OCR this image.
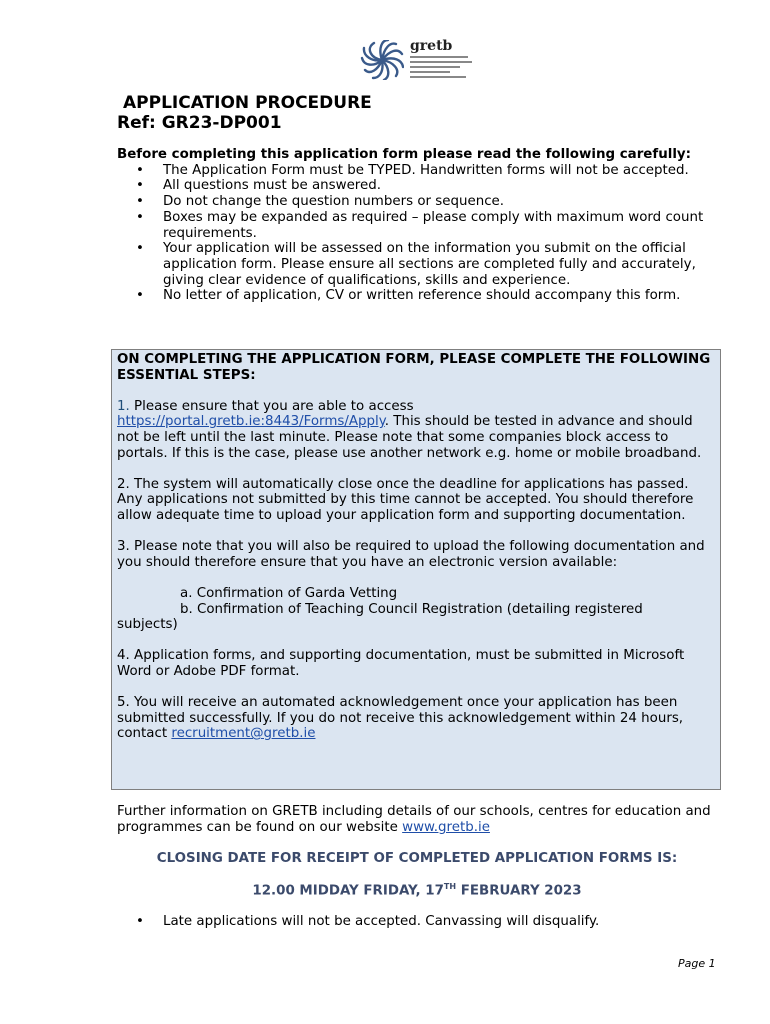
gretb
APPLICATION PROCEDURE
Ref: GR23-DP001
Before completing this application form please read the following carefully:
• The Application Form must be TYPED. Handwritten forms will not be accepted.
• All questions must be answered.
• Do not change the question numbers or sequence.
• Boxes may be expanded as required – please comply with maximum word count requirements.
• Your application will be assessed on the information you submit on the official application form. Please ensure all sections are completed fully and accurately, giving clear evidence of qualifications, skills and experience.
• No letter of application, CV or written reference should accompany this form.

ON COMPLETING THE APPLICATION FORM, PLEASE COMPLETE THE FOLLOWING ESSENTIAL STEPS:

1. Please ensure that you are able to access
https://portal.gretb.ie:8443/Forms/Apply. This should be tested in advance and should not be left until the last minute. Please note that some companies block access to portals. If this is the case, please use another network e.g. home or mobile broadband.

2. The system will automatically close once the deadline for applications has passed. Any applications not submitted by this time cannot be accepted. You should therefore allow adequate time to upload your application form and supporting documentation.

3. Please note that you will also be required to upload the following documentation and you should therefore ensure that you have an electronic version available:

a. Confirmation of Garda Vetting
b. Confirmation of Teaching Council Registration (detailing registered
subjects)

4. Application forms, and supporting documentation, must be submitted in Microsoft Word or Adobe PDF format.

5. You will receive an automated acknowledgement once your application has been submitted successfully. If you do not receive this acknowledgement within 24 hours, contact recruitment@gretb.ie

Further information on GRETB including details of our schools, centres for education and programmes can be found on our website www.gretb.ie
CLOSING DATE FOR RECEIPT OF COMPLETED APPLICATION FORMS IS:
12.00 MIDDAY FRIDAY, 17TH FEBRUARY 2023
• Late applications will not be accepted. Canvassing will disqualify.
Page 1
